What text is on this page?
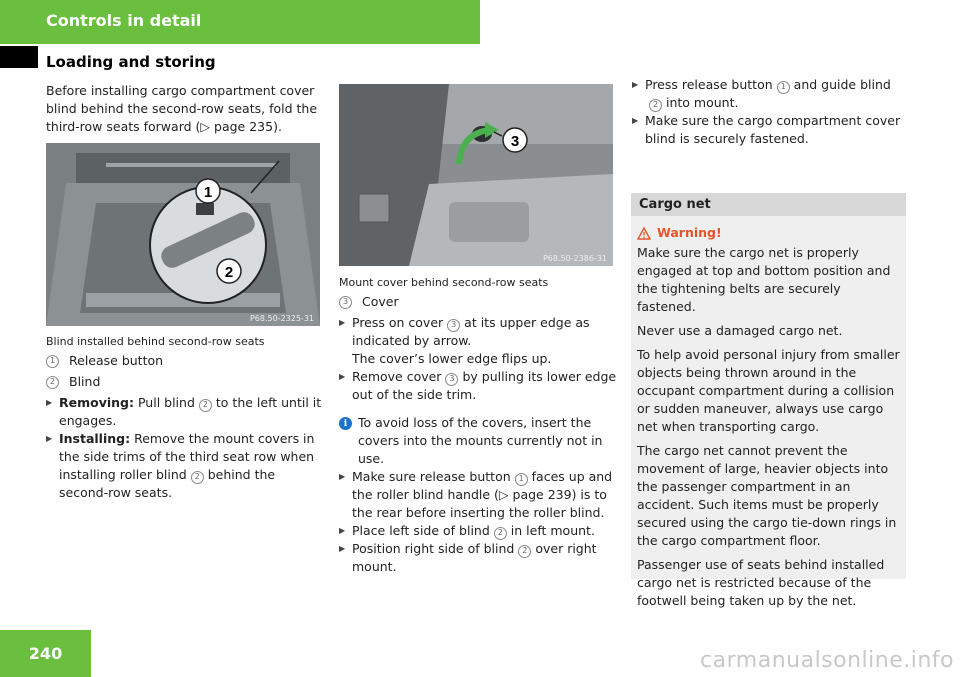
Controls in detail
Loading and storing

Before installing cargo compartment cover blind behind the second-row seats, fold the third-row seats forward (▷ page 235).

1
2
P68.50-2325-31

Blind installed behind second-row seats

1	Release button
2	Blind

▶ Removing: Pull blind 2 to the left until it engages.

▶ Installing: Remove the mount covers in the side trims of the third seat row when installing roller blind 2 behind the second-row seats.

3
P68.50-2386-31

Mount cover behind second-row seats

3	Cover

▶ Press on cover 3 at its upper edge as indicated by arrow.

The cover’s lower edge flips up.

▶ Remove cover 3 by pulling its lower edge out of the side trim.

i To avoid loss of the covers, insert the covers into the mounts currently not in use.

▶ Make sure release button 1 faces up and the roller blind handle (▷ page 239) is to the rear before inserting the roller blind.

▶ Place left side of blind 2 in left mount.

▶ Position right side of blind 2 over right mount.

▶ Press release button 1 and guide blind 2 into mount.

▶ Make sure the cargo compartment cover blind is securely fastened.

Cargo net
Warning!

Make sure the cargo net is properly engaged at top and bottom position and the tightening belts are securely fastened.

Never use a damaged cargo net.

To help avoid personal injury from smaller objects being thrown around in the occupant compartment during a collision or sudden maneuver, always use cargo net when transporting cargo.

The cargo net cannot prevent the movement of large, heavier objects into the passenger compartment in an accident. Such items must be properly secured using the cargo tie-down rings in the cargo compartment floor.

Passenger use of seats behind installed cargo net is restricted because of the footwell being taken up by the net.

240	carmanualsonline.info
